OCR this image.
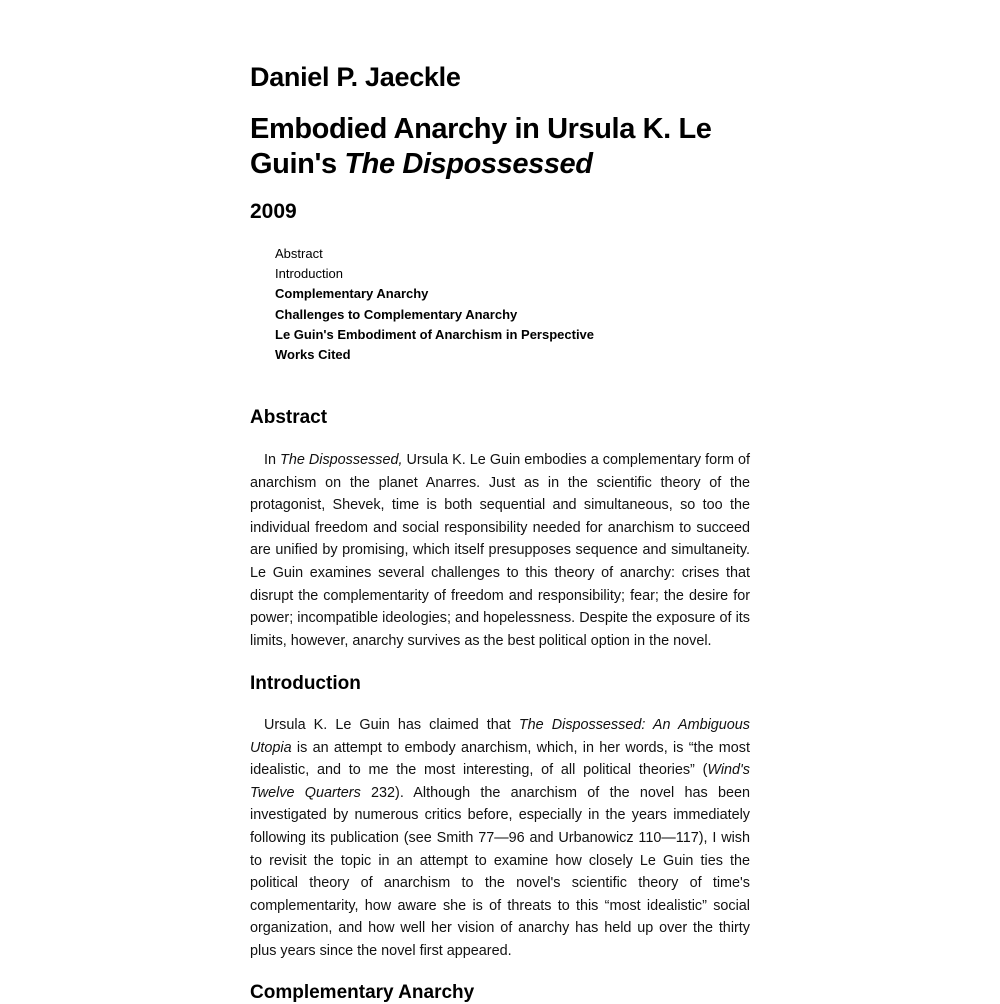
Daniel P. Jaeckle
Embodied Anarchy in Ursula K. Le Guin's The Dispossessed
2009
Abstract
Introduction
Complementary Anarchy
Challenges to Complementary Anarchy
Le Guin's Embodiment of Anarchism in Perspective
Works Cited
Abstract

In The Dispossessed, Ursula K. Le Guin embodies a complementary form of anarchism on the planet Anarres. Just as in the scientific theory of the protagonist, Shevek, time is both sequential and simultaneous, so too the individual freedom and social responsibility needed for anarchism to succeed are unified by promising, which itself presupposes sequence and simultaneity. Le Guin examines several challenges to this theory of anarchy: crises that disrupt the complementarity of freedom and responsibility; fear; the desire for power; incompatible ideologies; and hopelessness. Despite the exposure of its limits, however, anarchy survives as the best political option in the novel.

Introduction

Ursula K. Le Guin has claimed that The Dispossessed: An Ambiguous Utopia is an attempt to embody anarchism, which, in her words, is “the most idealistic, and to me the most interesting, of all political theories” (Wind's Twelve Quarters 232). Although the anarchism of the novel has been investigated by numerous critics before, especially in the years immediately following its publication (see Smith 77—96 and Urbanowicz 110—117), I wish to revisit the topic in an attempt to examine how closely Le Guin ties the political theory of anarchism to the novel's scientific theory of time's complementarity, how aware she is of threats to this “most idealistic” social organization, and how well her vision of anarchy has held up over the thirty plus years since the novel first appeared.

Complementary Anarchy
